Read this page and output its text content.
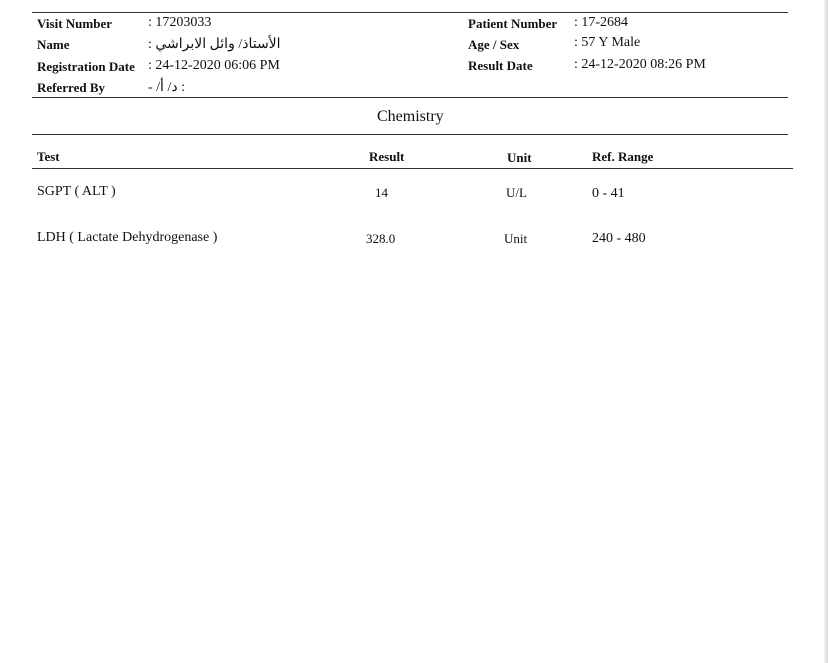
Visit Number	: 17203033
Name	الأستاذ/ وائل الابراشي :
Registration Date : 24-12-2020 06:06 PM
Referred By	: د/ أ/ -
Patient Number : 17-2684
Age / Sex	: 57 Y Male
Result Date	: 24-12-2020 08:26 PM
Chemistry
Test	Result	Unit	Ref. Range
SGPT ( ALT )	14	U/L	0 - 41
LDH ( Lactate Dehydrogenase )	328.0	Unit	240 - 480
